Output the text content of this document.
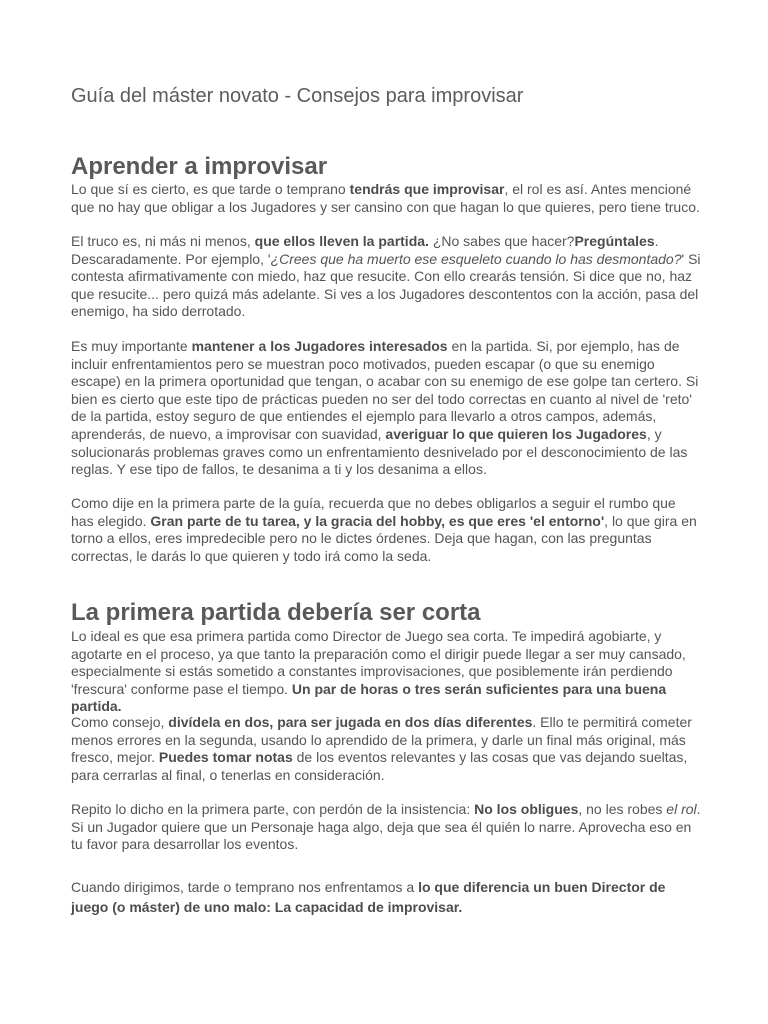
Guía del máster novato - Consejos para improvisar
Aprender a improvisar

Lo que sí es cierto, es que tarde o temprano tendrás que improvisar, el rol es así. Antes mencioné que no hay que obligar a los Jugadores y ser cansino con que hagan lo que quieres, pero tiene truco.

El truco es, ni más ni menos, que ellos lleven la partida. ¿No sabes que hacer?Pregúntales. Descaradamente. Por ejemplo, '¿Crees que ha muerto ese esqueleto cuando lo has desmontado?' Si contesta afirmativamente con miedo, haz que resucite. Con ello crearás tensión. Si dice que no, haz que resucite... pero quizá más adelante. Si ves a los Jugadores descontentos con la acción, pasa del enemigo, ha sido derrotado.

Es muy importante mantener a los Jugadores interesados en la partida. Si, por ejemplo, has de incluir enfrentamientos pero se muestran poco motivados, pueden escapar (o que su enemigo escape) en la primera oportunidad que tengan, o acabar con su enemigo de ese golpe tan certero. Si bien es cierto que este tipo de prácticas pueden no ser del todo correctas en cuanto al nivel de 'reto' de la partida, estoy seguro de que entiendes el ejemplo para llevarlo a otros campos, además, aprenderás, de nuevo, a improvisar con suavidad, averiguar lo que quieren los Jugadores, y solucionarás problemas graves como un enfrentamiento desnivelado por el desconocimiento de las reglas. Y ese tipo de fallos, te desanima a ti y los desanima a ellos.

Como dije en la primera parte de la guía, recuerda que no debes obligarlos a seguir el rumbo que has elegido. Gran parte de tu tarea, y la gracia del hobby, es que eres 'el entorno', lo que gira en torno a ellos, eres impredecible pero no le dictes órdenes. Deja que hagan, con las preguntas correctas, le darás lo que quieren y todo irá como la seda.

La primera partida debería ser corta

Lo ideal es que esa primera partida como Director de Juego sea corta. Te impedirá agobiarte, y agotarte en el proceso, ya que tanto la preparación como el dirigir puede llegar a ser muy cansado, especialmente si estás sometido a constantes improvisaciones, que posiblemente irán perdiendo 'frescura' conforme pase el tiempo. Un par de horas o tres serán suficientes para una buena partida.

Como consejo, divídela en dos, para ser jugada en dos días diferentes. Ello te permitirá cometer menos errores en la segunda, usando lo aprendido de la primera, y darle un final más original, más fresco, mejor. Puedes tomar notas de los eventos relevantes y las cosas que vas dejando sueltas, para cerrarlas al final, o tenerlas en consideración.

Repito lo dicho en la primera parte, con perdón de la insistencia: No los obligues, no les robes el rol. Si un Jugador quiere que un Personaje haga algo, deja que sea él quién lo narre. Aprovecha eso en tu favor para desarrollar los eventos.

Cuando dirigimos, tarde o temprano nos enfrentamos a lo que diferencia un buen Director de juego (o máster) de uno malo: La capacidad de improvisar.
